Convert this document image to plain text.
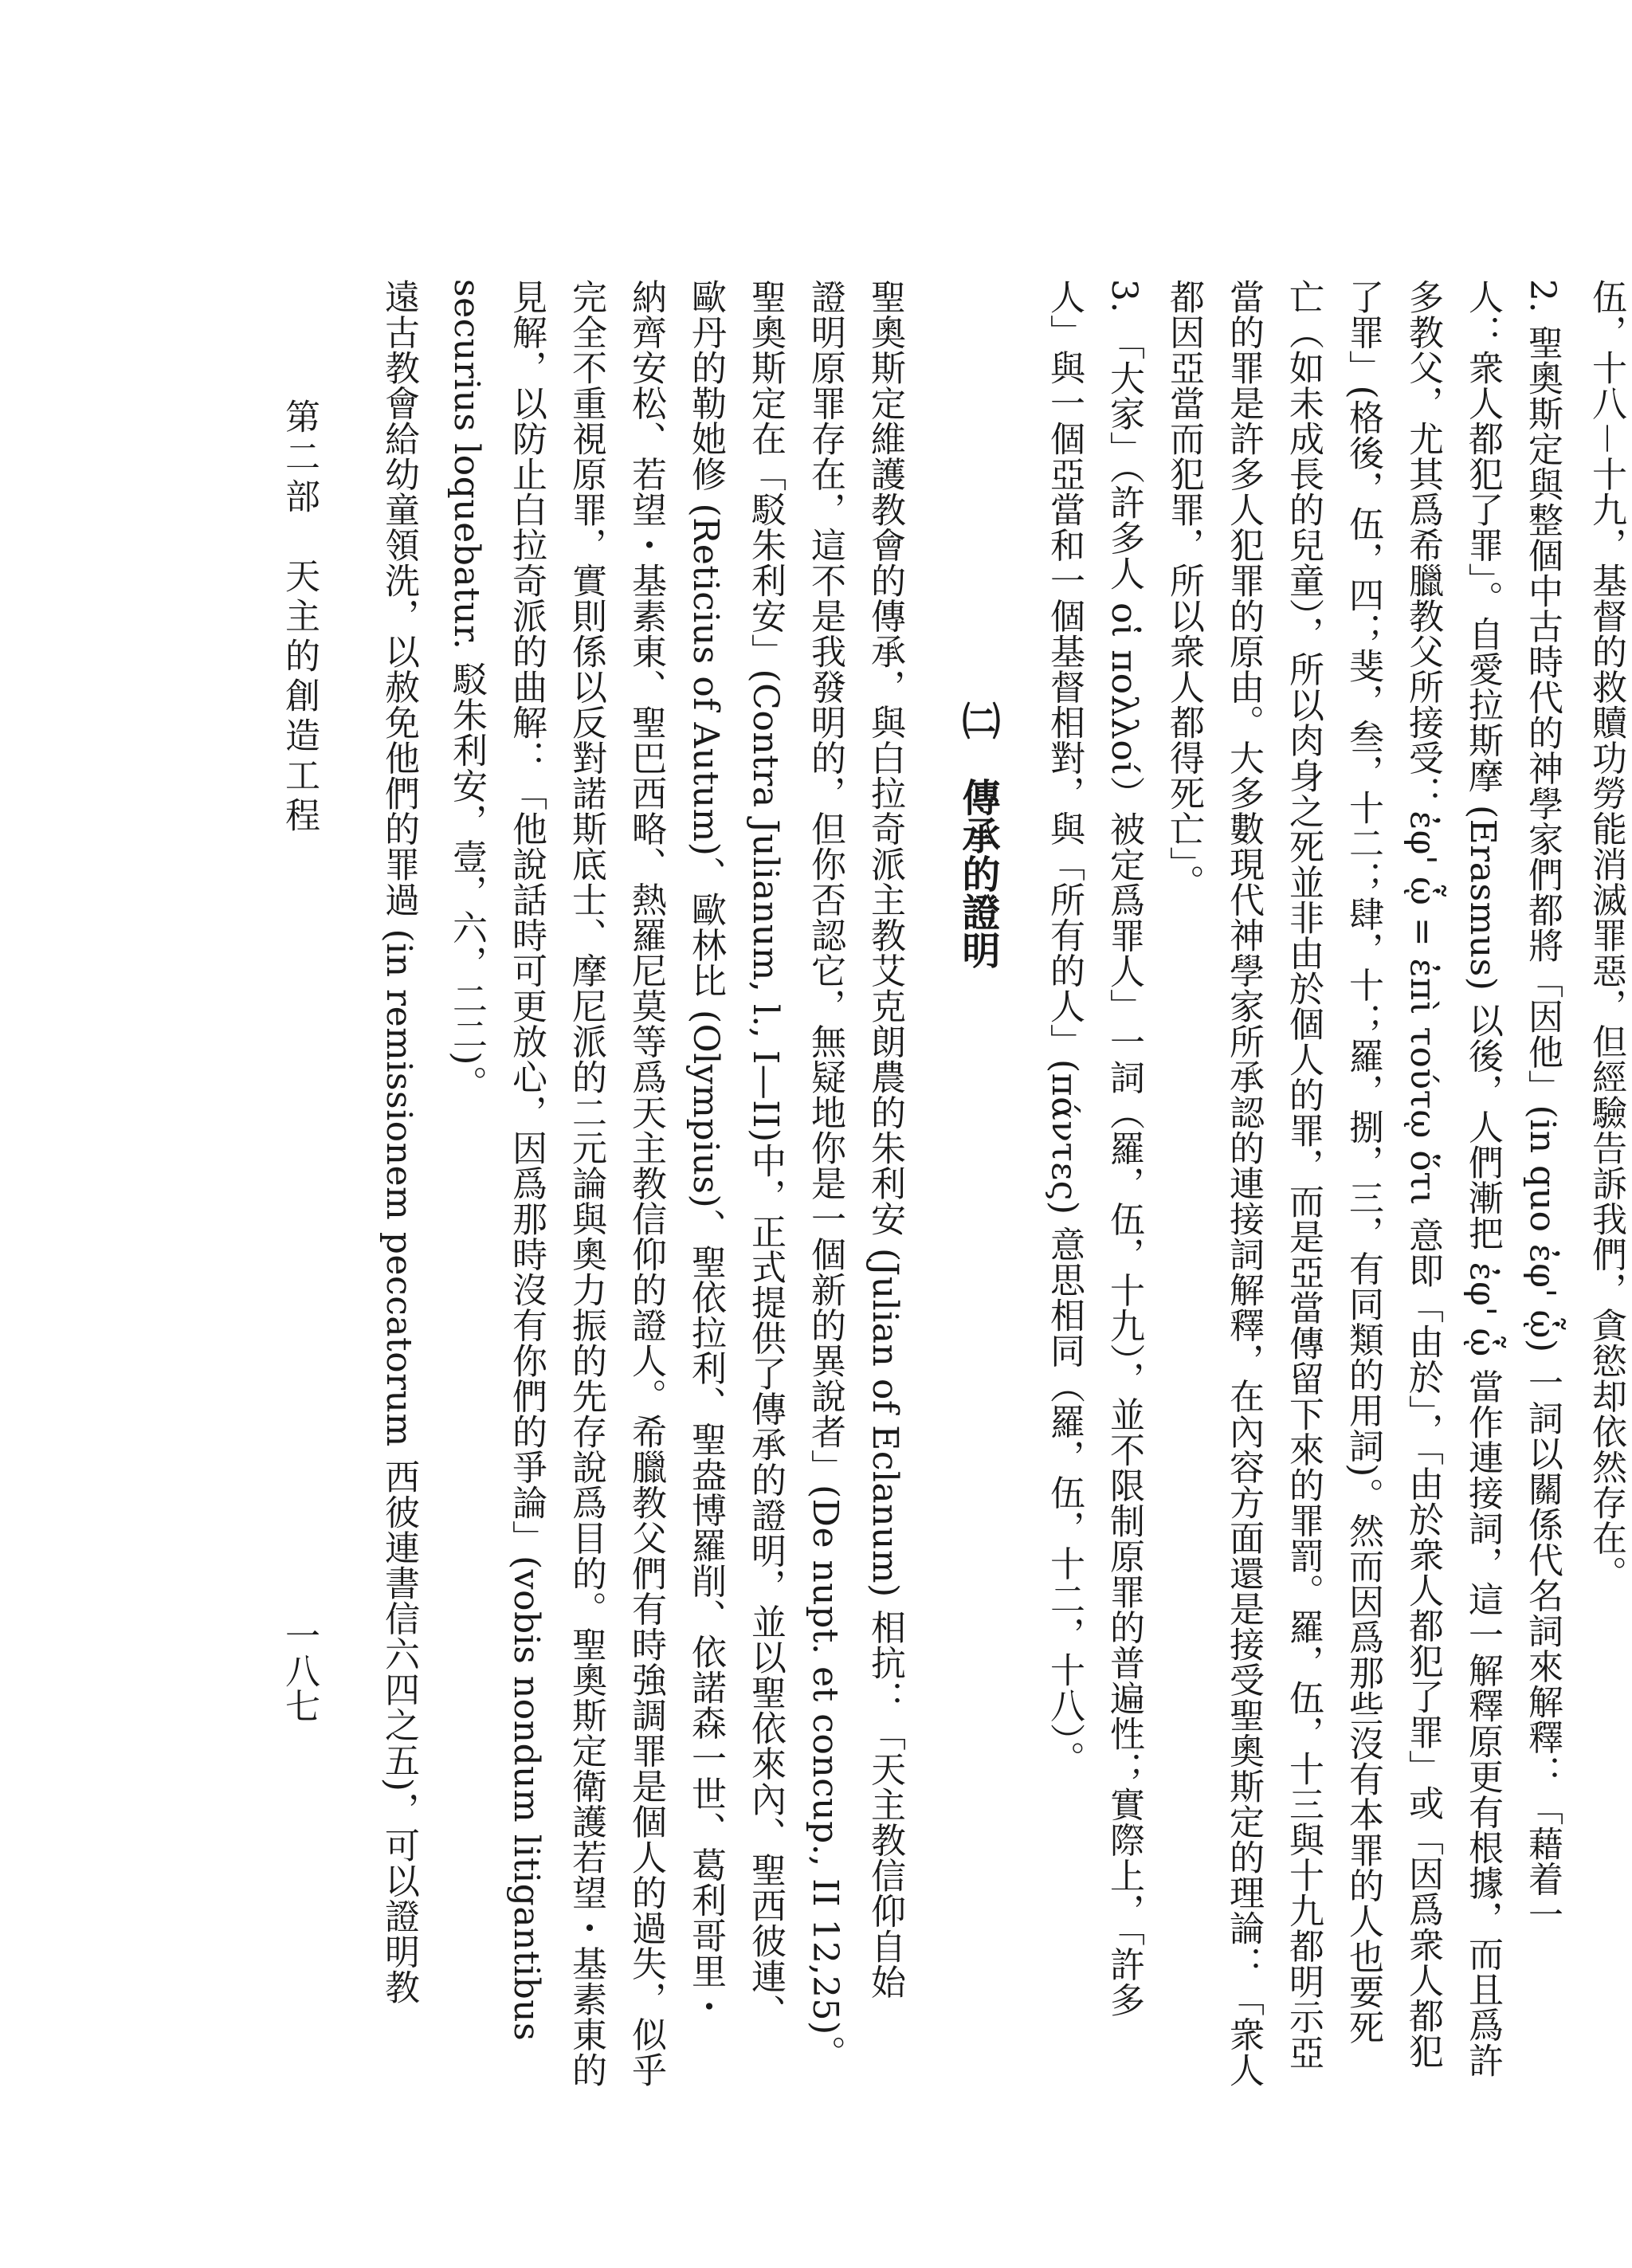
伍，十八－十九，基督的救贖功勞能消滅罪惡，但經驗告訴我們，貪慾却依然存在。
2. 聖奧斯定與整個中古時代的神學家們都將「因他」(in quo ἐφ' ᾧ) 一詞以關係代名詞來解釋：「藉着一
人：衆人都犯了罪」。自愛拉斯摩 (Erasmus) 以後，人們漸把 ἐφ' ᾧ 當作連接詞，這一解釋原更有根據，而且爲許
多教父，尤其爲希臘教父所接受：ἐφ' ᾧ = ἐπὶ τούτῳ ὅτι 意即「由於」，「由於衆人都犯了罪」或「因爲衆人都犯
了罪」(格後，伍，四；斐，叁，十二；肆，十；羅，捌，三，有同類的用詞)。然而因爲那些沒有本罪的人也要死
亡（如未成長的兒童），所以肉身之死並非由於個人的罪，而是亞當傳留下來的罪罰。羅，伍，十三與十九都明示亞
當的罪是許多人犯罪的原由。大多數現代神學家所承認的連接詞解釋，在內容方面還是接受聖奧斯定的理論：「衆人
都因亞當而犯罪，所以衆人都得死亡」。
3. 「大家」（許多人 οἱ πολλοί）被定爲罪人」一詞（羅，伍，十九），並不限制原罪的普遍性；實際上，「許多
人」與一個亞當和一個基督相對，與「所有的人」(πάντες) 意思相同（羅，伍，十二，十八）。
㈡　傳承的證明
聖奧斯定維護教會的傳承，與白拉奇派主教艾克朗農的朱利安 (Julian of Eclanum) 相抗：「天主教信仰自始
證明原罪存在，這不是我發明的，但你否認它，無疑地你是一個新的異說者」(De nupt. et concup., II 12,25)。
聖奧斯定在「駁朱利安」(Contra Julianum, l., I—II)中，正式提供了傳承的證明，並以聖依來內、聖西彼連、
歐丹的勒她修 (Reticius of Autum)、歐林比 (Olympius)、聖依拉利、聖盎博羅削、依諾森一世、葛利哥里・
納齊安松、若望・基素東、聖巴西略、熱羅尼莫等爲天主教信仰的證人。希臘教父們有時強調罪是個人的過失，似乎
完全不重視原罪，實則係以反對諾斯底士、摩尼派的二元論與奧力振的先存說爲目的。聖奧斯定衛護若望・基素東的
見解，以防止白拉奇派的曲解：「他說話時可更放心，因爲那時沒有你們的爭論」(vobis nondum litigantibus
securius loquebatur. 駁朱利安，壹，六，二二)。
遠古教會給幼童領洗，以赦免他們的罪過 (in remissionem peccatorum 西彼連書信六四之五)，可以證明教
第二部　天主的創造工程
一八七
